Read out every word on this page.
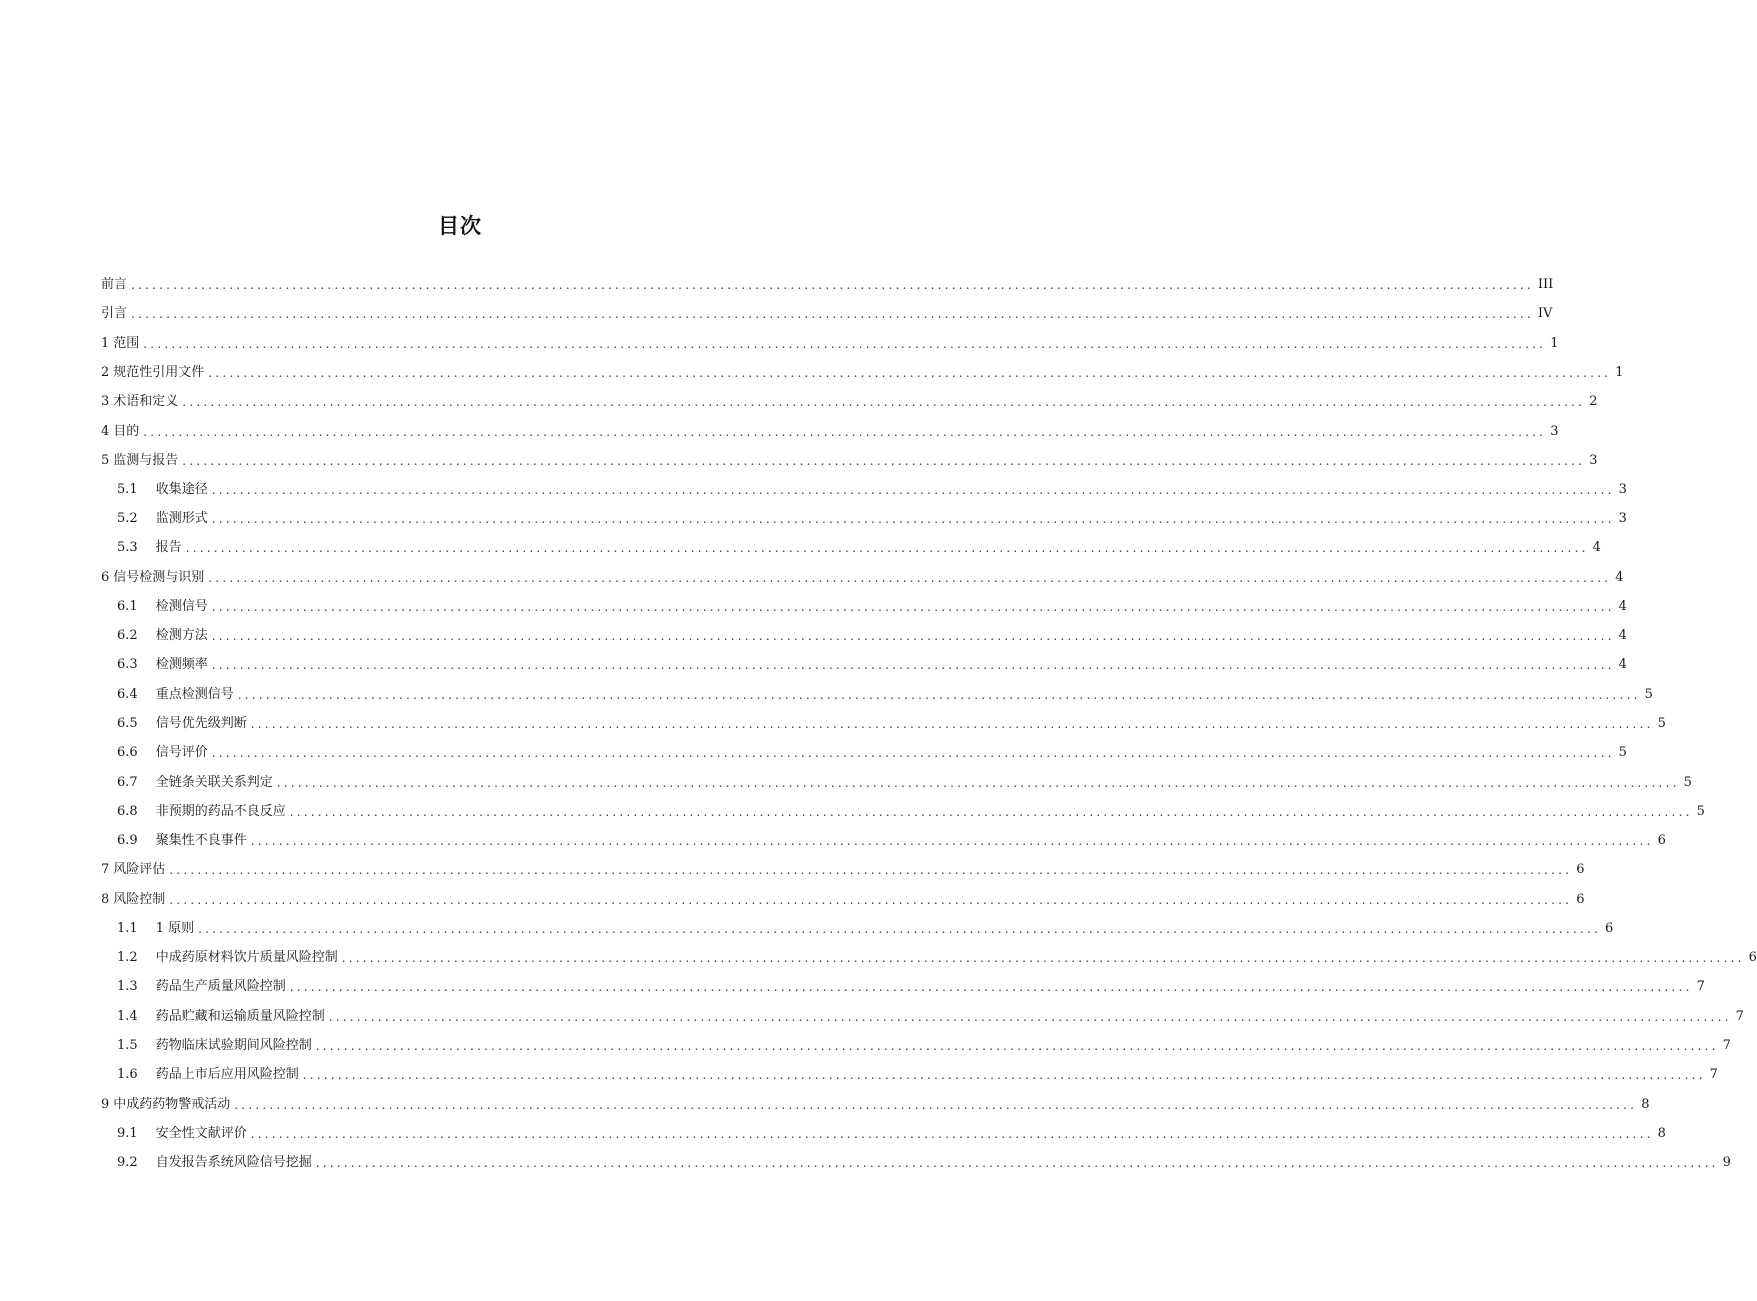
目次
前言 ........................................................................................................................................................................................................ III
引言 ........................................................................................................................................................................................................ IV
1 范围 ........................................................................................................................................................................................................ 1
2 规范性引用文件 ........................................................................................................................................................................................................ 1
3 术语和定义 ........................................................................................................................................................................................................ 2
4 目的 ........................................................................................................................................................................................................ 3
5 监测与报告 ........................................................................................................................................................................................................ 3
5.1 收集途径 ........................................................................................................................................................................................................ 3
5.2 监测形式 ........................................................................................................................................................................................................ 3
5.3 报告 ........................................................................................................................................................................................................ 4
6 信号检测与识别 ........................................................................................................................................................................................................ 4
6.1 检测信号 ........................................................................................................................................................................................................ 4
6.2 检测方法 ........................................................................................................................................................................................................ 4
6.3 检测频率 ........................................................................................................................................................................................................ 4
6.4 重点检测信号 ........................................................................................................................................................................................................ 5
6.5 信号优先级判断 ........................................................................................................................................................................................................ 5
6.6 信号评价 ........................................................................................................................................................................................................ 5
6.7 全链条关联关系判定 ........................................................................................................................................................................................................ 5
6.8 非预期的药品不良反应 ........................................................................................................................................................................................................ 5
6.9 聚集性不良事件 ........................................................................................................................................................................................................ 6
7 风险评估 ........................................................................................................................................................................................................ 6
8 风险控制 ........................................................................................................................................................................................................ 6
1.1 1 原则 ........................................................................................................................................................................................................ 6
1.2 中成药原材料饮片质量风险控制 ........................................................................................................................................................................................................ 6
1.3 药品生产质量风险控制 ........................................................................................................................................................................................................ 7
1.4 药品贮藏和运输质量风险控制 ........................................................................................................................................................................................................ 7
1.5 药物临床试验期间风险控制 ........................................................................................................................................................................................................ 7
1.6 药品上市后应用风险控制 ........................................................................................................................................................................................................ 7
9 中成药药物警戒活动 ........................................................................................................................................................................................................ 8
9.1 安全性文献评价 ........................................................................................................................................................................................................ 8
9.2 自发报告系统风险信号挖掘 ........................................................................................................................................................................................................ 9
